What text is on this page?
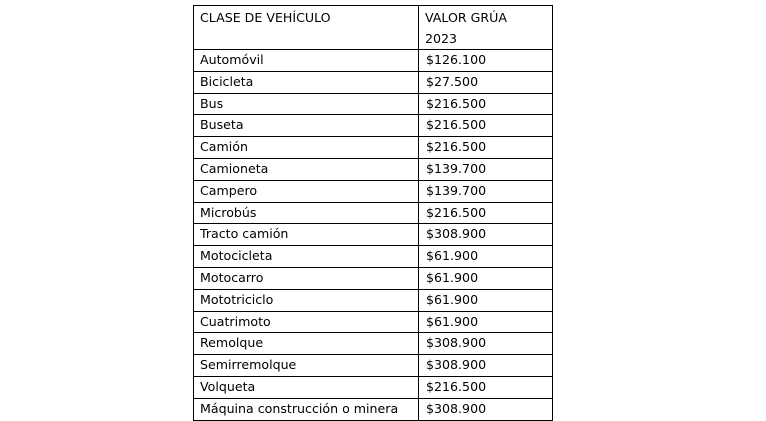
CLASE DE VEHÍCULO	VALOR GRÚA
2023

Automóvil	$126.100
Bicicleta	$27.500
Bus	$216.500
Buseta	$216.500
Camión	$216.500
Camioneta	$139.700
Campero	$139.700
Microbús	$216.500
Tracto camión	$308.900
Motocicleta	$61.900
Motocarro	$61.900
Mototriciclo	$61.900
Cuatrimoto	$61.900
Remolque	$308.900
Semirremolque	$308.900
Volqueta	$216.500
Máquina construcción o minera	$308.900
